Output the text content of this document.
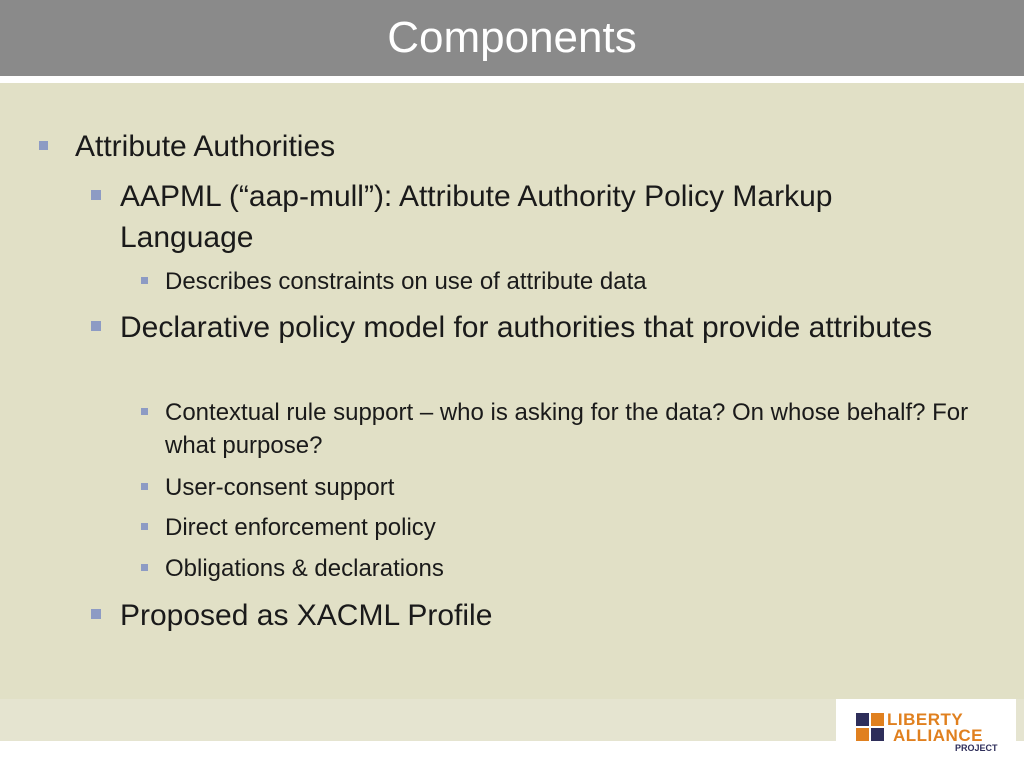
Components
Attribute Authorities
AAPML (“aap-mull”): Attribute Authority Policy Markup Language
Describes constraints on use of attribute data
Declarative policy model for authorities that provide attributes
Contextual rule support – who is asking for the data? On whose behalf? For what purpose?
User-consent support
Direct enforcement policy
Obligations & declarations
Proposed as XACML Profile
LIBERTY
ALLIANCE
PROJECT
